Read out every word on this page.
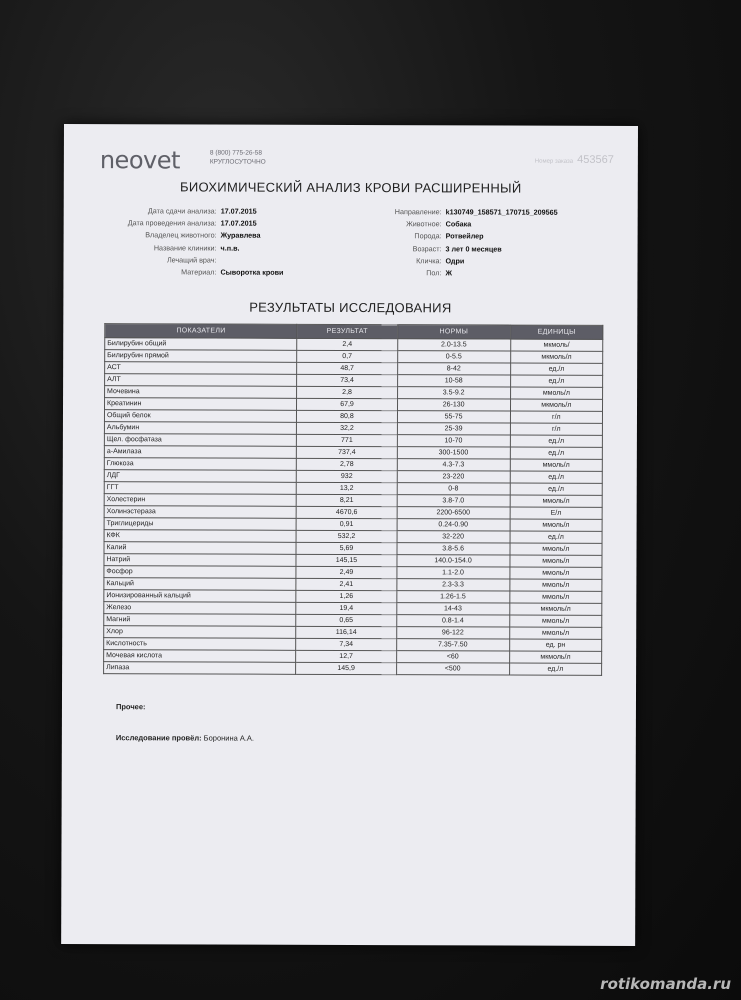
neovet	8 (800) 775-26-58
КРУГЛОСУТОЧНО	Номер заказа 453567
БИОХИМИЧЕСКИЙ АНАЛИЗ КРОВИ РАСШИРЕННЫЙ
Дата сдачи анализа: 17.07.2015
Дата проведения анализа: 17.07.2015
Владелец животного: Журавлева
Название клиники: ч.п.в.
Лечащий врач:
Материал: Сыворотка крови
Направление: k130749_158571_170715_209565
Животное: Собака
Порода: Ротвейлер
Возраст: 3 лет 0 месяцев
Кличка: Одри
Пол: Ж
РЕЗУЛЬТАТЫ ИССЛЕДОВАНИЯ
ПОКАЗАТЕЛИ	РЕЗУЛЬТАТ	НОРМЫ	ЕДИНИЦЫ
Билирубин общий	2,4	2.0-13.5	мкмоль/
Билирубин прямой	0,7	0-5.5	мкмоль/л
АСТ	48,7	8-42	ед./л
АЛТ	73,4	10-58	ед./л
Мочевина	2,8	3.5-9.2	ммоль/л
Креатинин	67,9	26-130	мкмоль/л
Общий белок	80,8	55-75	г/л
Альбумин	32,2	25-39	г/л
Щел. фосфатаза	771	10-70	ед./л
а-Амилаза	737,4	300-1500	ед./л
Глюкоза	2,78	4.3-7.3	ммоль/л
ЛДГ	932	23-220	ед./л
ГГТ	13,2	0-8	ед./л
Холестерин	8,21	3.8-7.0	ммоль/л
Холинэстераза	4670,6	2200-6500	Е/л
Триглицериды	0,91	0.24-0.90	ммоль/л
КФК	532,2	32-220	ед./л
Калий	5,69	3.8-5.6	ммоль/л
Натрий	145,15	140.0-154.0	ммоль/л
Фосфор	2,49	1.1-2.0	ммоль/л
Кальций	2,41	2.3-3.3	ммоль/л
Ионизированный кальций	1,26	1.26-1.5	ммоль/л
Железо	19,4	14-43	мкмоль/л
Магний	0,65	0.8-1.4	ммоль/л
Хлор	116,14	96-122	ммоль/л
Кислотность	7,34	7.35-7.50	ед. рн
Мочевая кислота	12,7	<60	мкмоль/л
Липаза	145,9	<500	ед./л
Прочее:
Исследование провёл: Боронина А.А.
rotikomanda.ru
